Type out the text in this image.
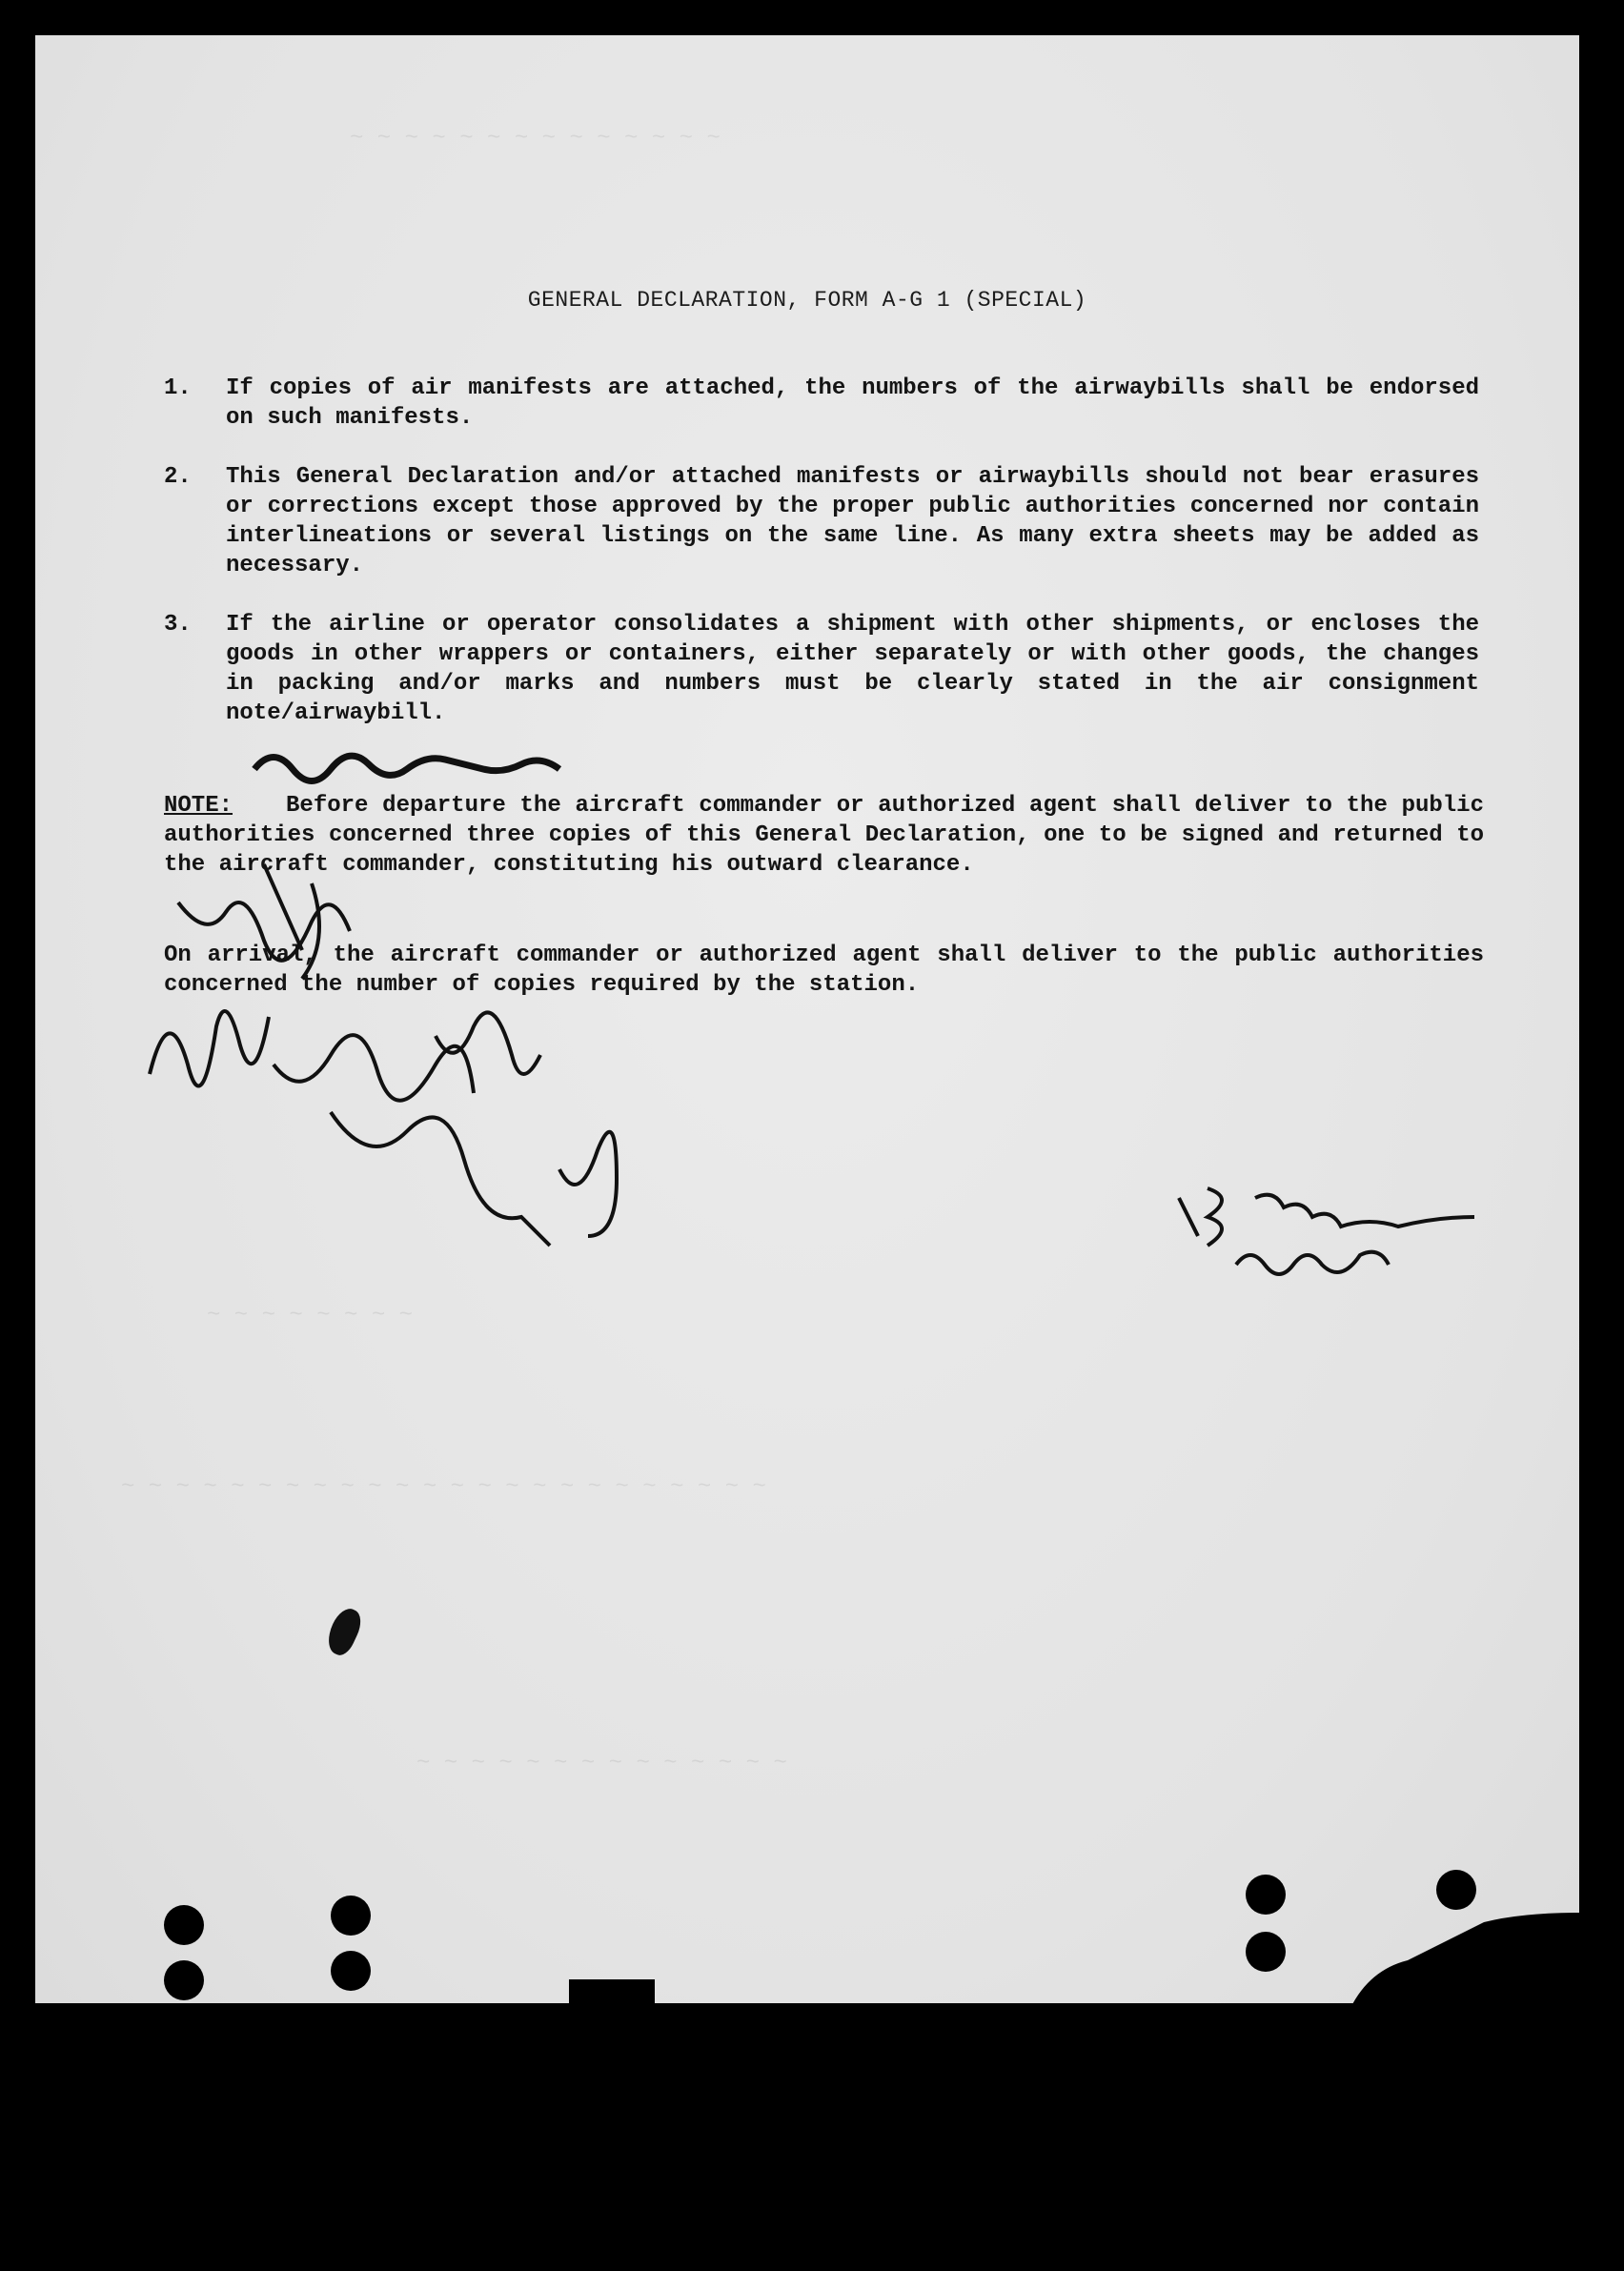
~ ~ ~ ~ ~ ~ ~ ~ ~ ~ ~ ~ ~ ~
~ ~ ~ ~ ~ ~ ~ ~
~ ~ ~ ~ ~ ~ ~ ~ ~ ~ ~ ~ ~ ~ ~ ~ ~ ~ ~ ~ ~ ~ ~ ~
~ ~ ~ ~ ~ ~ ~ ~ ~ ~ ~ ~ ~ ~
GENERAL DECLARATION, FORM A-G 1 (SPECIAL)
1.	If copies of air manifests are attached, the numbers of the airwaybills shall be endorsed on such manifests.
2.	This General Declaration and/or attached manifests or airwaybills should not bear erasures or corrections except those approved by the proper public authorities concerned nor contain interlineations or several listings on the same line. As many extra sheets may be added as necessary.
3.	If the airline or operator consolidates a shipment with other shipments, or encloses the goods in other wrappers or containers, either separately or with other goods, the changes in packing and/or marks and numbers must be clearly stated in the air consignment note/airwaybill.
NOTE: Before departure the aircraft commander or authorized agent shall deliver to the public authorities concerned three copies of this General Declaration, one to be signed and returned to the aircraft commander, constituting his outward clearance.
On arrival, the aircraft commander or authorized agent shall deliver to the public authorities concerned the number of copies required by the station.
